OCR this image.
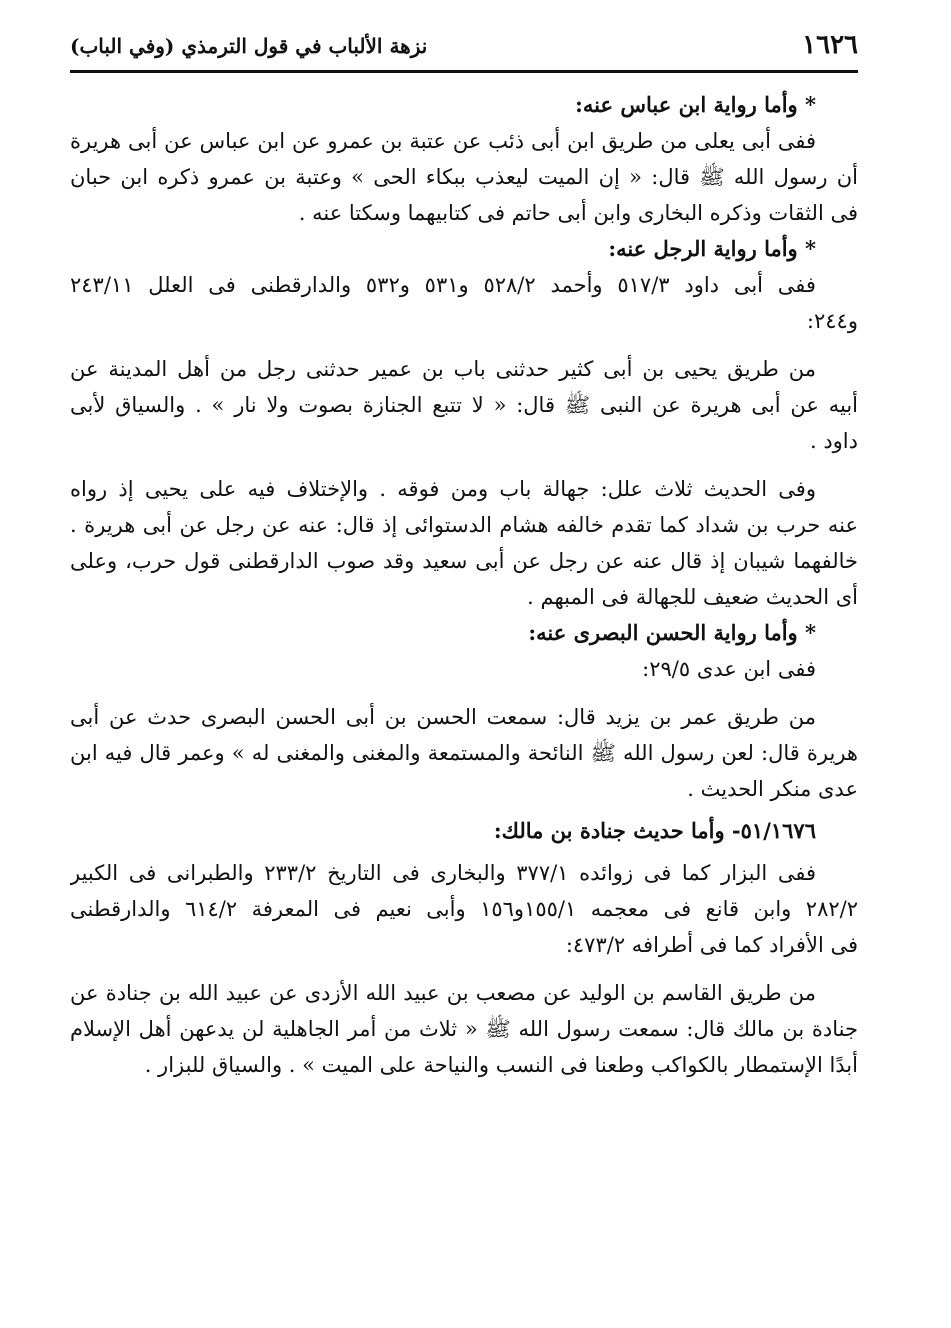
١٦٢٦
نزهة الألباب في قول الترمذي (وفي الباب)
* وأما رواية ابن عباس عنه:
ففى أبى يعلى من طريق ابن أبى ذئب عن عتبة بن عمرو عن ابن عباس عن أبى هريرة
أن رسول الله ﷺ قال: « إن الميت ليعذب ببكاء الحى » وعتبة بن عمرو ذكره ابن حبان
فى الثقات وذكره البخارى وابن أبى حاتم فى كتابيهما وسكتا عنه .
* وأما رواية الرجل عنه:
ففى أبى داود ٥١٧/٣ وأحمد ٥٢٨/٢ و٥٣١ و٥٣٢ والدارقطنى فى العلل ٢٤٣/١١
و٢٤٤:
من طريق يحيى بن أبى كثير حدثنى باب بن عمير حدثنى رجل من أهل المدينة عن
أبيه عن أبى هريرة عن النبى ﷺ قال: « لا تتبع الجنازة بصوت ولا نار » . والسياق لأبى
داود .
وفى الحديث ثلاث علل: جهالة باب ومن فوقه . والإختلاف فيه على يحيى إذ رواه
عنه حرب بن شداد كما تقدم خالفه هشام الدستوائى إذ قال: عنه عن رجل عن أبى هريرة .
خالفهما شيبان إذ قال عنه عن رجل عن أبى سعيد وقد صوب الدارقطنى قول حرب، وعلى
أى الحديث ضعيف للجهالة فى المبهم .
* وأما رواية الحسن البصرى عنه:
ففى ابن عدى ٢٩/٥:
من طريق عمر بن يزيد قال: سمعت الحسن بن أبى الحسن البصرى حدث عن أبى
هريرة قال: لعن رسول الله ﷺ النائحة والمستمعة والمغنى والمغنى له » وعمر قال فيه ابن
عدى منكر الحديث .
٥١/١٦٧٦- وأما حديث جنادة بن مالك:
ففى البزار كما فى زوائده ٣٧٧/١ والبخارى فى التاريخ ٢٣٣/٢ والطبرانى فى الكبير
٢٨٢/٢ وابن قانع فى معجمه ١٥٥/١و١٥٦ وأبى نعيم فى المعرفة ٦١٤/٢ والدارقطنى
فى الأفراد كما فى أطرافه ٤٧٣/٢:
من طريق القاسم بن الوليد عن مصعب بن عبيد الله الأزدى عن عبيد الله بن جنادة عن
جنادة بن مالك قال: سمعت رسول الله ﷺ « ثلاث من أمر الجاهلية لن يدعهن أهل الإسلام
أبدًا الإستمطار بالكواكب وطعنا فى النسب والنياحة على الميت » . والسياق للبزار .
